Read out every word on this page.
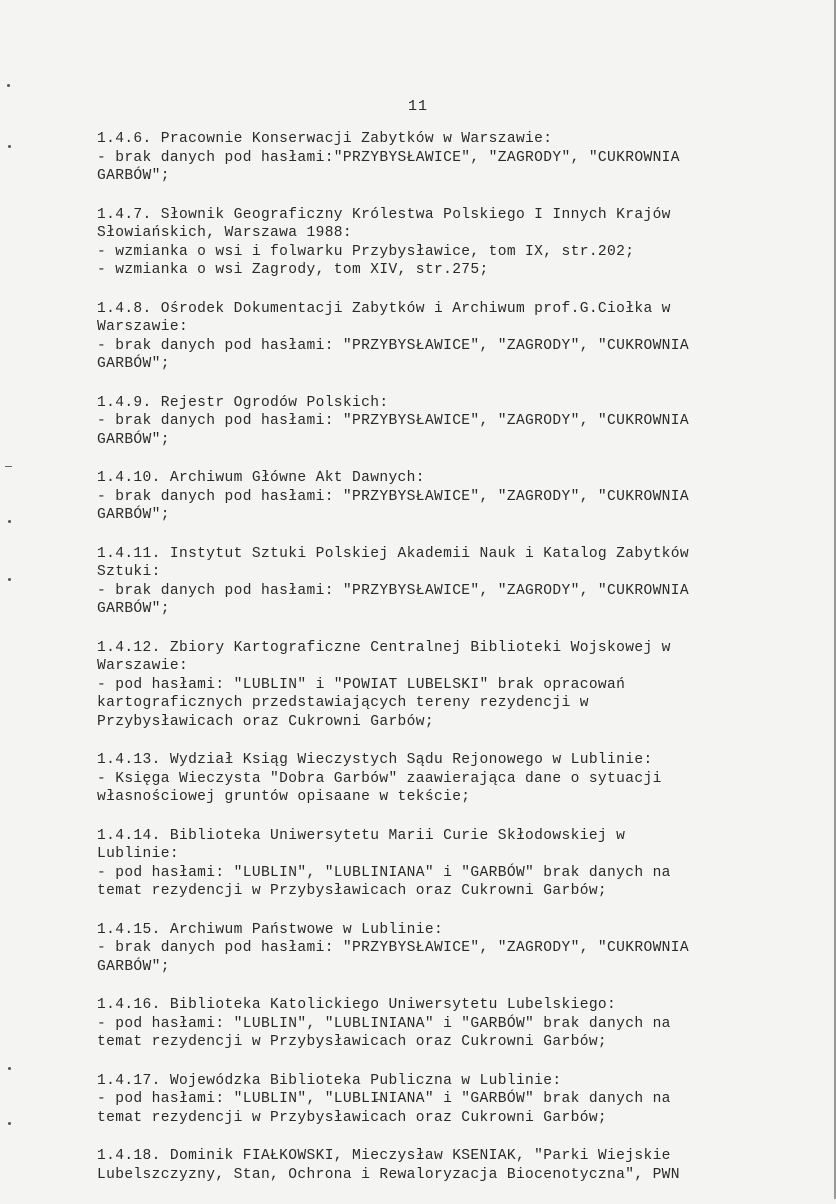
11
1.4.6. Pracownie Konserwacji Zabytków w Warszawie:
- brak danych pod hasłami:"PRZYBYSŁAWICE", "ZAGRODY", "CUKROWNIA
GARBÓW";
1.4.7. Słownik Geograficzny Królestwa Polskiego I Innych Krajów
Słowiańskich, Warszawa 1988:
- wzmianka o wsi i folwarku Przybysławice, tom IX, str.202;
- wzmianka o wsi Zagrody, tom XIV, str.275;
1.4.8. Ośrodek Dokumentacji Zabytków i Archiwum prof.G.Ciołka w
Warszawie:
- brak danych pod hasłami: "PRZYBYSŁAWICE", "ZAGRODY", "CUKROWNIA
GARBÓW";
1.4.9. Rejestr Ogrodów Polskich:
- brak danych pod hasłami: "PRZYBYSŁAWICE", "ZAGRODY", "CUKROWNIA
GARBÓW";
1.4.10. Archiwum Główne Akt Dawnych:
- brak danych pod hasłami: "PRZYBYSŁAWICE", "ZAGRODY", "CUKROWNIA
GARBÓW";
1.4.11. Instytut Sztuki Polskiej Akademii Nauk i Katalog Zabytków
Sztuki:
- brak danych pod hasłami: "PRZYBYSŁAWICE", "ZAGRODY", "CUKROWNIA
GARBÓW";
1.4.12. Zbiory Kartograficzne Centralnej Biblioteki Wojskowej w
Warszawie:
- pod hasłami: "LUBLIN" i "POWIAT LUBELSKI" brak opracowań
kartograficznych przedstawiających tereny rezydencji w
Przybysławicach oraz Cukrowni Garbów;
1.4.13. Wydział Ksiąg Wieczystych Sądu Rejonowego w Lublinie:
- Księga Wieczysta "Dobra Garbów" zaawierająca dane o sytuacji
własnościowej gruntów opisaane w tekście;
1.4.14. Biblioteka Uniwersytetu Marii Curie Skłodowskiej w
Lublinie:
- pod hasłami: "LUBLIN", "LUBLINIANA" i "GARBÓW" brak danych na
temat rezydencji w Przybysławicach oraz Cukrowni Garbów;
1.4.15. Archiwum Państwowe w Lublinie:
- brak danych pod hasłami: "PRZYBYSŁAWICE", "ZAGRODY", "CUKROWNIA
GARBÓW";
1.4.16. Biblioteka Katolickiego Uniwersytetu Lubelskiego:
- pod hasłami: "LUBLIN", "LUBLINIANA" i "GARBÓW" brak danych na
temat rezydencji w Przybysławicach oraz Cukrowni Garbów;
1.4.17. Wojewódzka Biblioteka Publiczna w Lublinie:
- pod hasłami: "LUBLIN", "LUBLINIANA" i "GARBÓW" brak danych na
temat rezydencji w Przybysławicach oraz Cukrowni Garbów;
1.4.18. Dominik FIAŁKOWSKI, Mieczysław KSENIAK, "Parki Wiejskie
Lubelszczyzny, Stan, Ochrona i Rewaloryzacja Biocenotyczna", PWN
